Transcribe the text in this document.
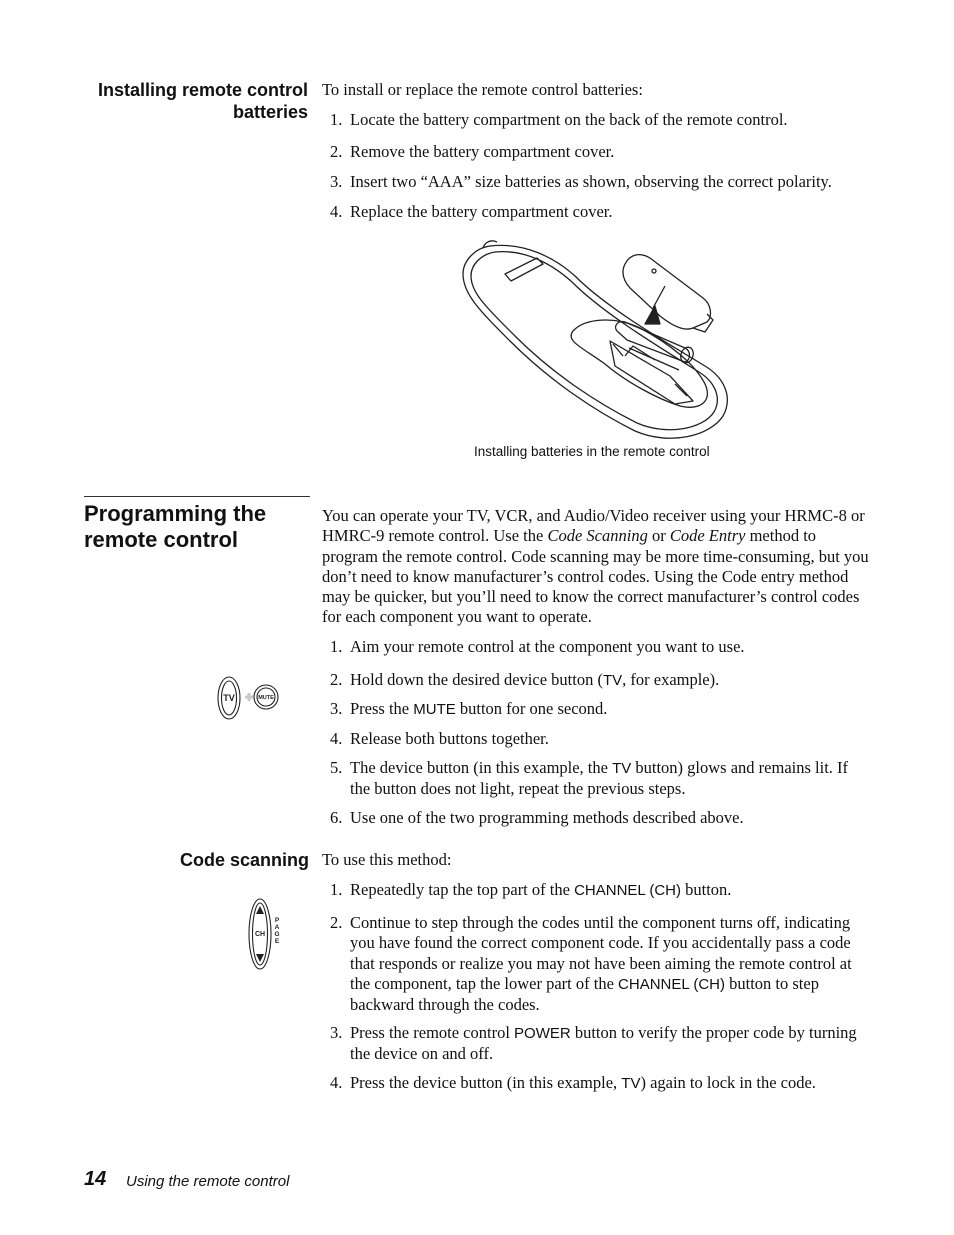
Installing remote control
batteries
To install or replace the remote control batteries:
1. Locate the battery compartment on the back of the remote control.
2. Remove the battery compartment cover.
3. Insert two “AAA” size batteries as shown, observing the correct polarity.
4. Replace the battery compartment cover.
Installing batteries in the remote control
Programming the
remote control
You can operate your TV, VCR, and Audio/Video receiver using your HRMC-8 or HMRC-9 remote control. Use the Code Scanning or Code Entry method to program the remote control. Code scanning may be more time-consuming, but you don’t need to know manufacturer’s control codes. Using the Code entry method may be quicker, but you’ll need to know the correct manufacturer’s control codes for each component you want to operate.
1. Aim your remote control at the component you want to use.
2. Hold down the desired device button (TV, for example).
3. Press the MUTE button for one second.
4. Release both buttons together.
5. The device button (in this example, the TV button) glows and remains lit. If the button does not light, repeat the previous steps.
6. Use one of the two programming methods described above.
TV	MUTE
Code scanning To use this method:
1. Repeatedly tap the top part of the CHANNEL (CH) button.
2. Continue to step through the codes until the component turns off, indicating you have found the correct component code. If you accidentally pass a code that responds or realize you may not have been aiming the remote control at the component, tap the lower part of the CHANNEL (CH) button to step backward through the codes.
3. Press the remote control POWER button to verify the proper code by turning the device on and off.
4. Press the device button (in this example, TV) again to lock in the code.
CH
P
A
G
E
14 Using the remote control
